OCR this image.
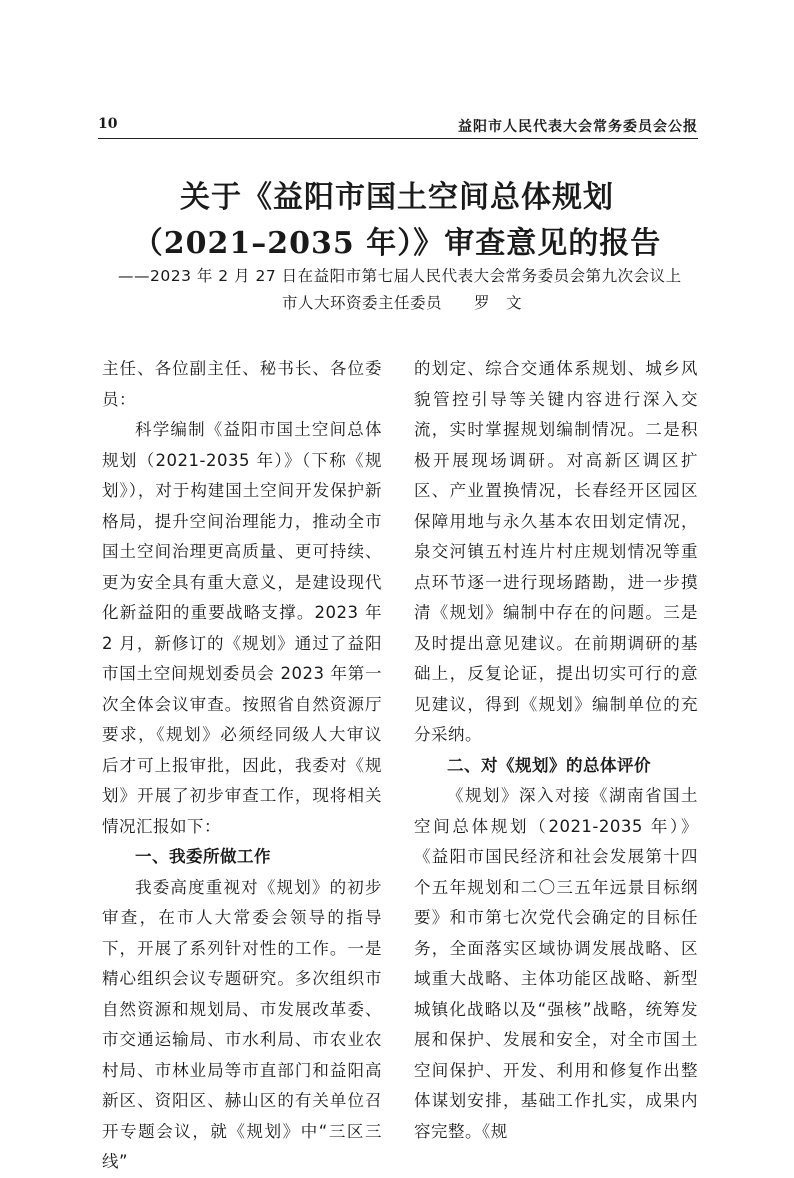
10	益阳市人民代表大会常务委员会公报
关于《益阳市国土空间总体规划
（2021–2035 年）》审查意见的报告
——2023 年 2 月 27 日在益阳市第七届人民代表大会常务委员会第九次会议上
市人大环资委主任委员　　罗　文

主任、各位副主任、秘书长、各位委员：

科学编制《益阳市国土空间总体规划（2021-2035 年）》（下称《规划》），对于构建国土空间开发保护新格局，提升空间治理能力，推动全市国土空间治理更高质量、更可持续、更为安全具有重大意义，是建设现代化新益阳的重要战略支撑。2023 年 2 月，新修订的《规划》通过了益阳市国土空间规划委员会 2023 年第一次全体会议审查。按照省自然资源厅要求，《规划》必须经同级人大审议后才可上报审批，因此，我委对《规划》开展了初步审查工作，现将相关情况汇报如下：

一、我委所做工作

我委高度重视对《规划》的初步审查，在市人大常委会领导的指导下，开展了系列针对性的工作。一是精心组织会议专题研究。多次组织市自然资源和规划局、市发展改革委、市交通运输局、市水利局、市农业农村局、市林业局等市直部门和益阳高新区、资阳区、赫山区的有关单位召开专题会议，就《规划》中“三区三线”

的划定、综合交通体系规划、城乡风貌管控引导等关键内容进行深入交流，实时掌握规划编制情况。二是积极开展现场调研。对高新区调区扩区、产业置换情况，长春经开区园区保障用地与永久基本农田划定情况，泉交河镇五村连片村庄规划情况等重点环节逐一进行现场踏勘，进一步摸清《规划》编制中存在的问题。三是及时提出意见建议。在前期调研的基础上，反复论证，提出切实可行的意见建议，得到《规划》编制单位的充分采纳。

二、对《规划》的总体评价

《规划》深入对接《湖南省国土空间总体规划（2021-2035 年）》《益阳市国民经济和社会发展第十四个五年规划和二〇三五年远景目标纲要》和市第七次党代会确定的目标任务，全面落实区域协调发展战略、区域重大战略、主体功能区战略、新型城镇化战略以及“强核”战略，统筹发展和保护、发展和安全，对全市国土空间保护、开发、利用和修复作出整体谋划安排，基础工作扎实，成果内容完整。《规
